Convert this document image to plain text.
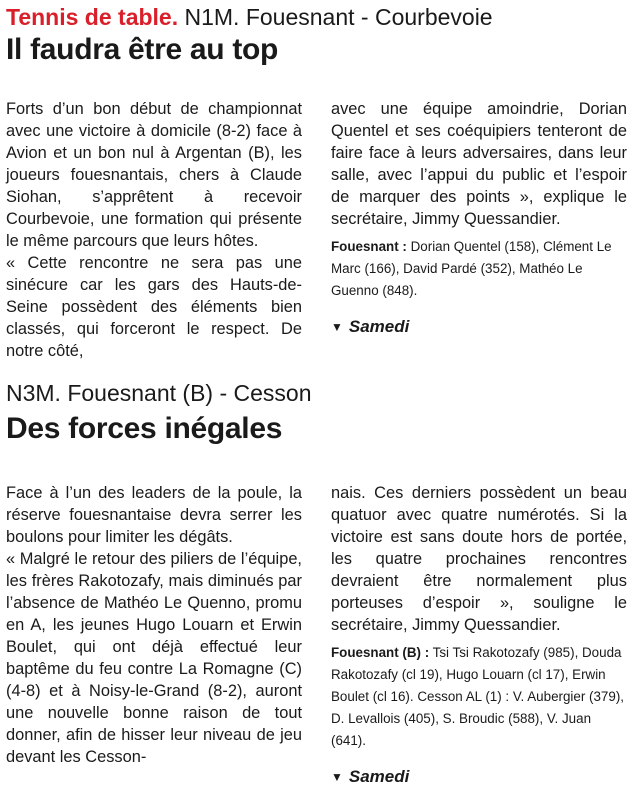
Tennis de table. N1M. Fouesnant - Courbevoie
Il faudra être au top

Forts d’un bon début de championnat avec une victoire à domicile (8-2) face à Avion et un bon nul à Argentan (B), les joueurs fouesnantais, chers à Claude Siohan, s’apprêtent à recevoir Courbevoie, une formation qui présente le même parcours que leurs hôtes.

« Cette rencontre ne sera pas une sinécure car les gars des Hauts-de-Seine possèdent des éléments bien classés, qui forceront le respect. De notre côté,

avec une équipe amoindrie, Dorian Quentel et ses coéquipiers tenteront de faire face à leurs adversaires, dans leur salle, avec l’appui du public et l’espoir de marquer des points », explique le secrétaire, Jimmy Quessandier.

Fouesnant : Dorian Quentel (158), Clément Le Marc (166), David Pardé (352), Mathéo Le Guenno (848).

▼ Samedi
N3M. Fouesnant (B) - Cesson
Des forces inégales

Face à l’un des leaders de la poule, la réserve fouesnantaise devra serrer les boulons pour limiter les dégâts.

« Malgré le retour des piliers de l’équipe, les frères Rakotozafy, mais diminués par l’absence de Mathéo Le Quenno, promu en A, les jeunes Hugo Louarn et Erwin Boulet, qui ont déjà effectué leur baptême du feu contre La Romagne (C) (4-8) et à Noisy-le-Grand (8-2), auront une nouvelle bonne raison de tout donner, afin de hisser leur niveau de jeu devant les Cesson-

nais. Ces derniers possèdent un beau quatuor avec quatre numérotés. Si la victoire est sans doute hors de portée, les quatre prochaines rencontres devraient être normalement plus porteuses d’espoir », souligne le secrétaire, Jimmy Quessandier.

Fouesnant (B) : Tsi Tsi Rakotozafy (985), Douda Rakotozafy (cl 19), Hugo Louarn (cl 17), Erwin Boulet (cl 16). Cesson AL (1) : V. Aubergier (379), D. Levallois (405), S. Broudic (588), V. Juan (641).

▼ Samedi
